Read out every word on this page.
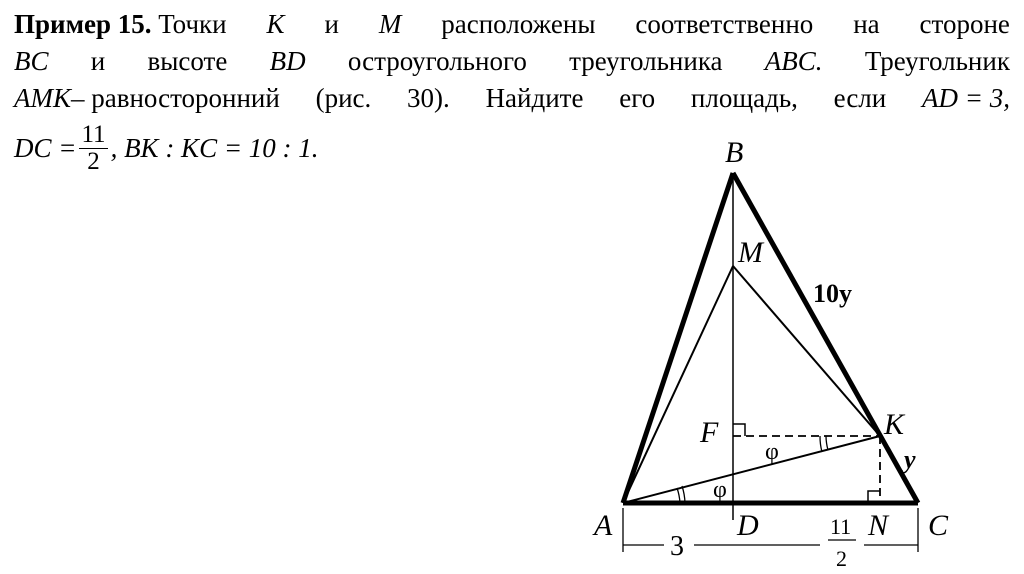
Пример 15. Точки K и M расположены соответственно на стороне
BC и высоте BD остроугольного треугольника ABC. Треугольник
AMK– равносторонний (рис. 30). Найдите его площадь, если AD = 3,
DC = $\frac{11}{2}$ , BK : KC = 10 : 1.	B
M
F	K
A	D	N C
10y
y
φ
φ
3
11
2
